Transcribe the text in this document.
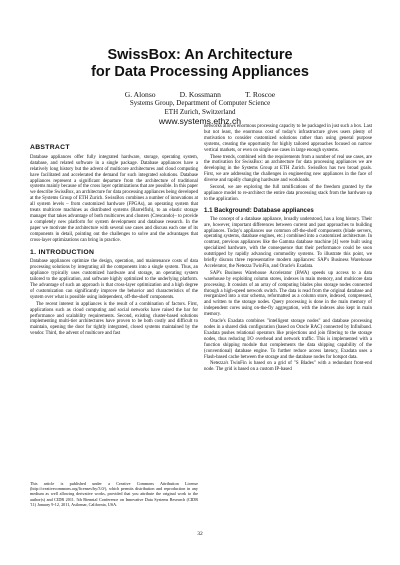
SwissBox: An Architecture
for Data Processing Appliances
G. Alonso	D. Kossmann	T. Roscoe
Systems Group, Department of Computer Science
ETH Zurich, Switzerland
www.systems.ethz.ch
ABSTRACT

Database appliances offer fully integrated hardware, storage, operating system, database, and related software in a single package. Database appliances have a relatively long history but the advent of multicore architectures and cloud computing have facilitated and accelerated the demand for such integrated solutions. Database appliances represent a significant departure from the architecture of traditional systems mainly because of the cross layer optimizations that are possible. In this paper we describe SwissBox, an architecture for data processing appliances being developed at the Systems Group of ETH Zurich. SwissBox combines a number of innovations at all system levels – from customized hardware (FPGAs), an operating system that treats multicore machines as distributed systems (Barrelfish), to an elastic storage manager that takes advantage of both multicores and clusters (Crescando)– to provide a completely new platform for system development and database research. In the paper we motivate the architecture with several use cases and discuss each one of its components in detail, pointing out the challenges to solve and the advantages that cross-layer optimizations can bring in practice.

1. INTRODUCTION

Database appliances optimize the design, operation, and maintenance costs of data processing solutions by integrating all the components into a single system. Thus, an appliance typically uses customized hardware and storage, an operating system tailored to the application, and software highly optimized to the underlying platform. The advantage of such an approach is that cross-layer optimization and a high degree of customization can significantly improve the behavior and characteristics of the system over what is possible using independent, off-the-shelf components.

The recent interest in appliances is the result of a combination of factors. First, applications such as cloud computing and social networks have raised the bar for performance and scalability requirements. Second, existing cluster-based solutions implementing multi-tier architectures have proven to be both costly and difficult to maintain, opening the door for tightly integrated, closed systems maintained by the vendor. Third, the advent of multicore and fast

This article is published under a Creative Commons Attribution License (http://creativecommons.org/licenses/by/3.0/), which permits distribution and reproduction in any medium as well allowing derivative works, provided that you attribute the original work to the author(s) and CIDR 2011. 5th Biennial Conference on Innovative Data Systems Research (CIDR '11) January 9-12, 2011, Asilomar, California, USA.

networks allows enormous processing capacity to be packaged in just such a box. Last but not least, the enormous cost of today's infrastructure gives users plenty of motivation to consider customized solutions rather than using general purpose systems, creating the opportunity for highly tailored approaches focused on narrow vertical markets, or even on single use cases in large enough systems.

These trends, combined with the requirements from a number of real use cases, are the motivation for SwissBox: an architecture for data processing appliances we are developing in the Systems Group at ETH Zurich. SwissBox has two broad goals. First, we are addressing the challenges in engineering new appliances in the face of diverse and rapidly changing hardware and workloads.

Second, we are exploring the full ramifications of the freedom granted by the appliance model to re-architect the entire data processing stack from the hardware up to the application.

1.1 Background: Database appliances

The concept of a database appliance, broadly understood, has a long history. Their are, however, important differences between current and past approaches to building appliances. Today's appliances use common off-the-shelf components (blade servers, operating systems, database engines, etc.) combined into a customized architecture. In contrast, previous appliances like the Gamma database machine [4] were built using specialized hardware, with the consequence that their performance could be soon outstripped by rapidly advancing commodity systems. To illustrate this point, we briefly discuss three representative modern appliances: SAP's Business Warehouse Accelerator, the Netezza TwinFin, and Oracle's Exadata.

SAP's Business Warehouse Accelerator (BWA) speeds up access to a data warehouse by exploiting column stores, indexes in main memory, and multicore data processing. It consists of an array of computing blades plus storage nodes connected through a high-speed network switch. The data is read from the original database and reorganized into a star schema, reformatted as a column store, indexed, compressed, and written to the storage nodes. Query processing is done in the main memory of independent cores using on-the-fly aggregation, with the indexes also kept in main memory.

Oracle's Exadata combines "intelligent storage nodes" and database processing nodes in a shared disk configuration (based on Oracle RAC) connected by Infiniband. Exadata pushes relational operators like projections and join filtering to the storage nodes, thus reducing I/O overhead and network traffic. This is implemented with a function shipping module that complements the data shipping capability of the (conventional) database engine. To further reduce access latency, Exadata uses a Flash-based cache between the storage and the database nodes for hotspot data.

Netezza's TwinFin is based on a grid of "S Blades" with a redundant front-end node. The grid is based on a custom IP-based

32
